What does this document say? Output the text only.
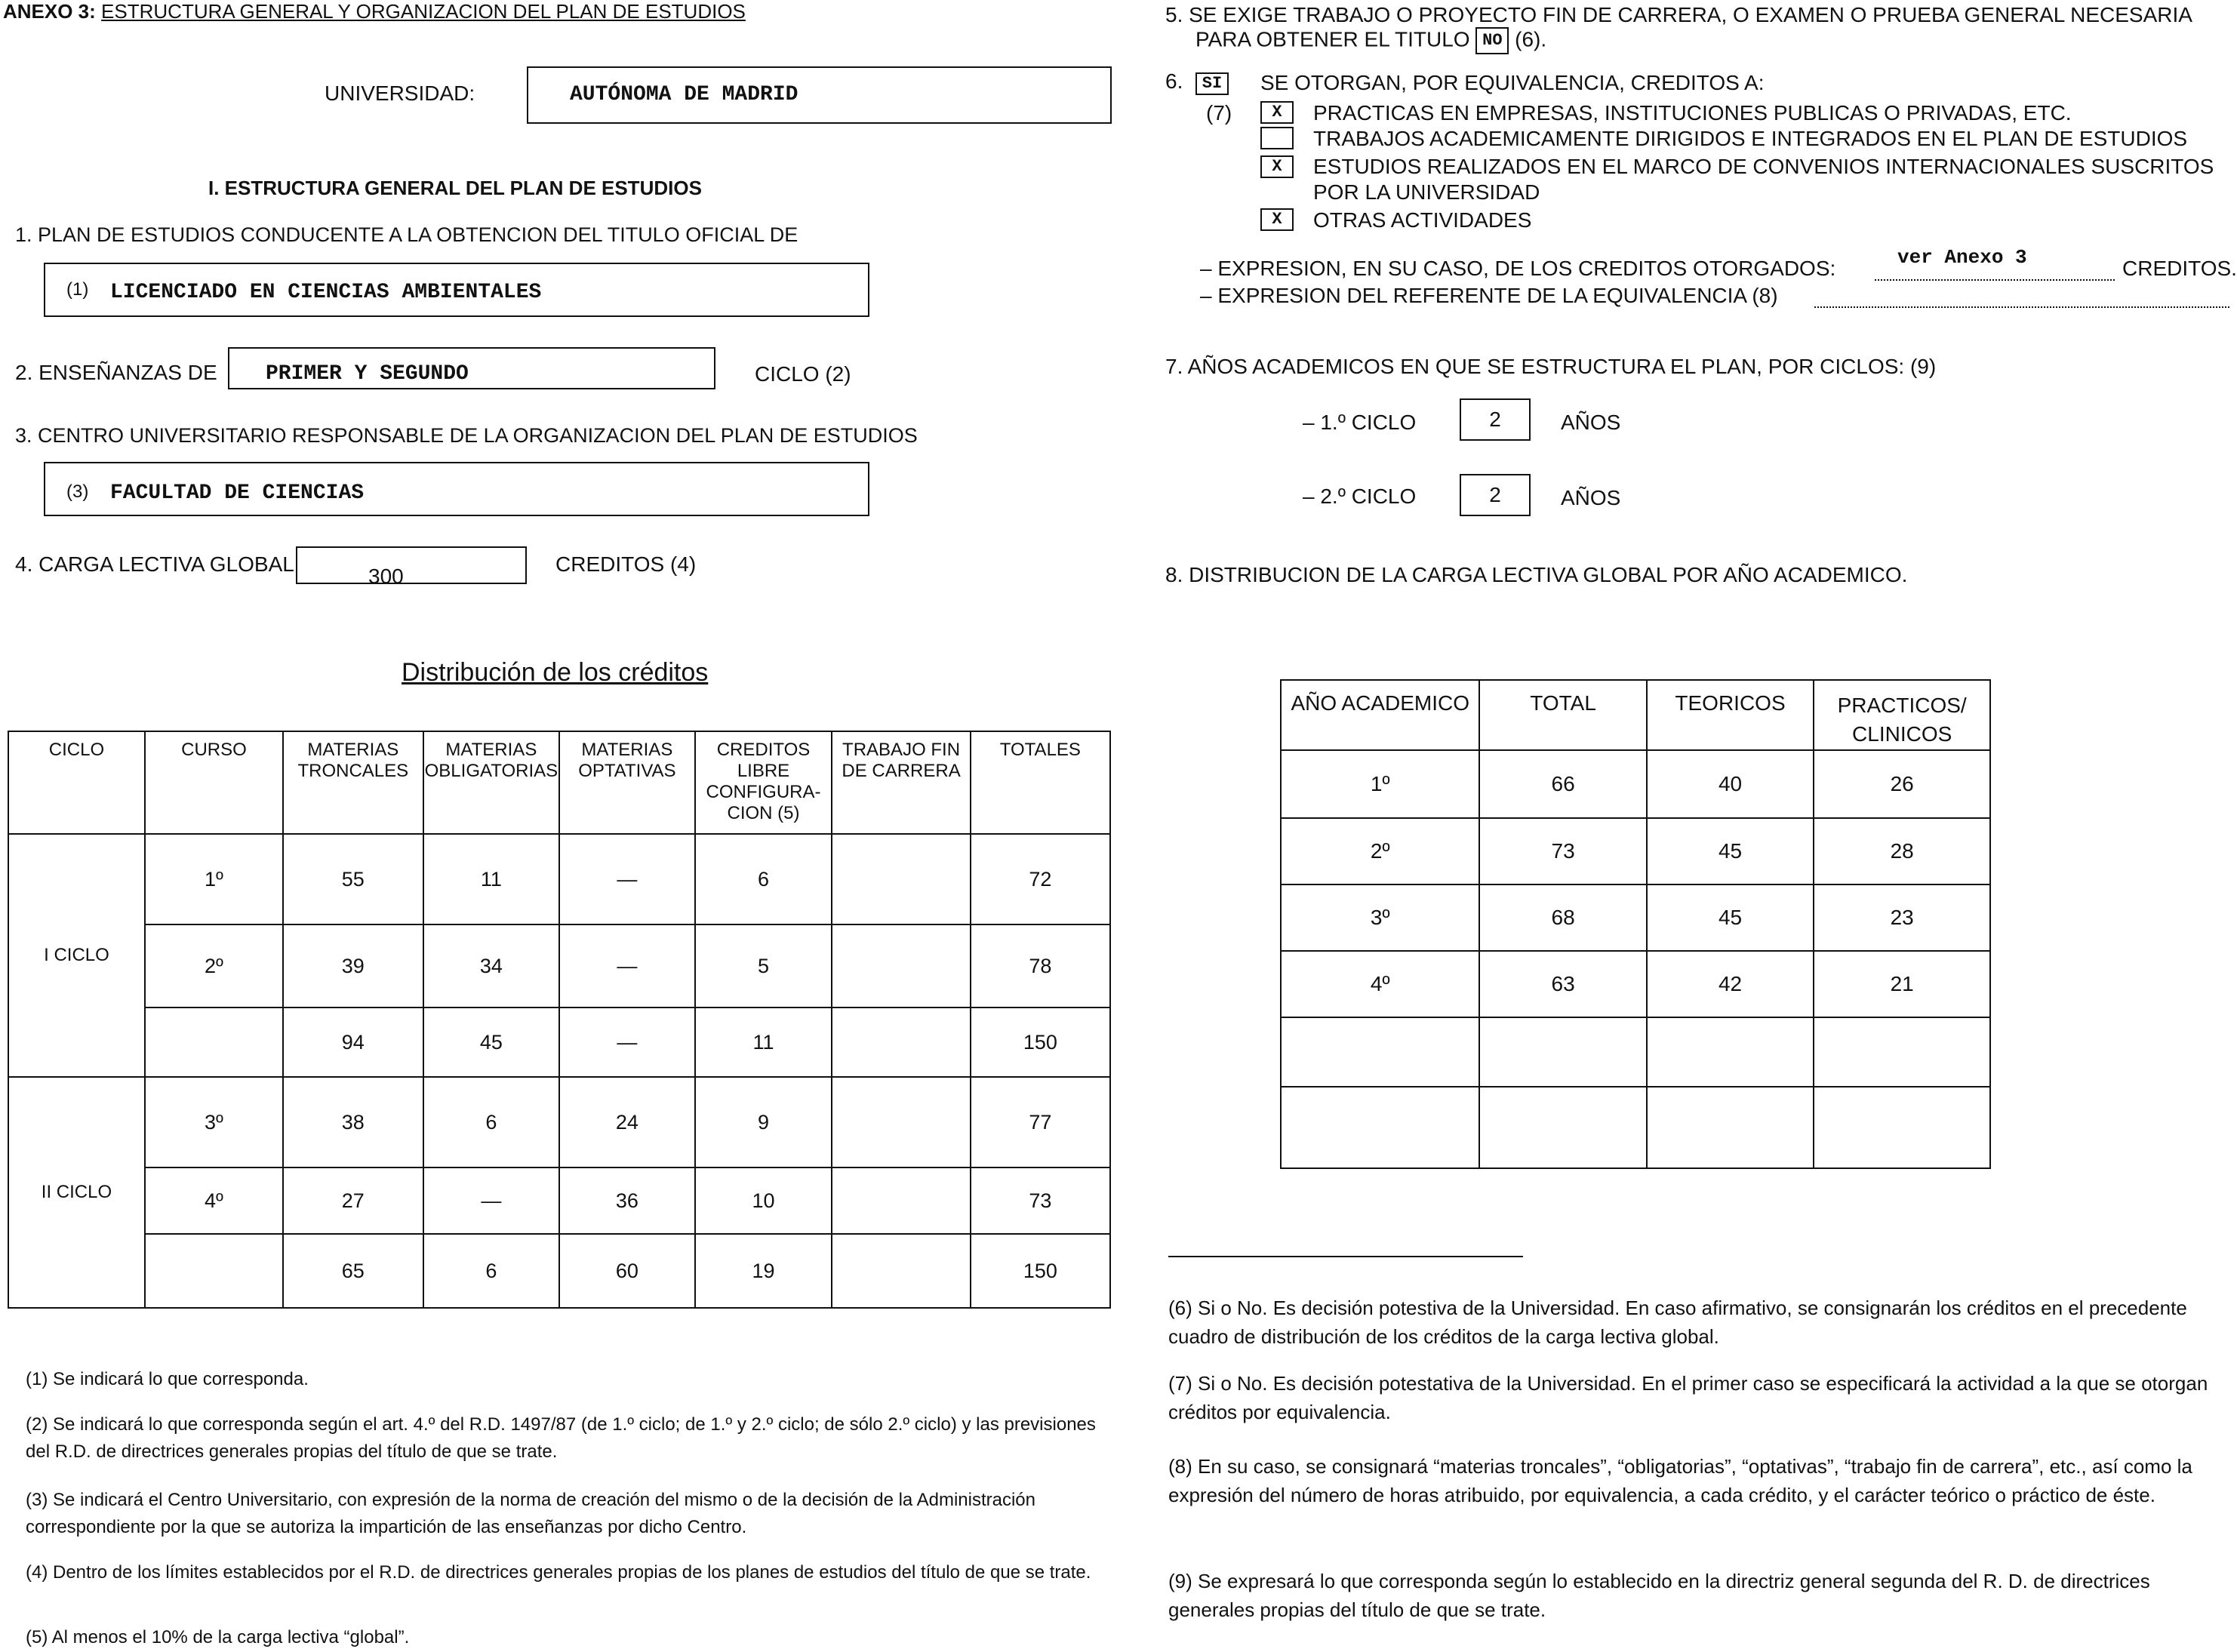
ANEXO 3: ESTRUCTURA GENERAL Y ORGANIZACION DEL PLAN DE ESTUDIOS
UNIVERSIDAD:	AUTÓNOMA DE MADRID
I. ESTRUCTURA GENERAL DEL PLAN DE ESTUDIOS
1. PLAN DE ESTUDIOS CONDUCENTE A LA OBTENCION DEL TITULO OFICIAL DE
(1) LICENCIADO EN CIENCIAS AMBIENTALES
2. ENSEÑANZAS DE PRIMER Y SEGUNDO	CICLO (2)
3. CENTRO UNIVERSITARIO RESPONSABLE DE LA ORGANIZACION DEL PLAN DE ESTUDIOS
(3) FACULTAD DE CIENCIAS
4. CARGA LECTIVA GLOBAL
300
CREDITOS (4)
Distribución de los créditos
CICLO	CURSO	MATERIAS TRONCALES	MATERIAS OBLIGATORIAS	MATERIAS OPTATIVAS	CREDITOS LIBRE CONFIGURA- CION (5)	TRABAJO FIN DE CARRERA	TOTALES
I CICLO	1º	55	11	—	6		72
	2º	39	34	—	5		78
		94	45	—	11		150
II CICLO	3º	38	6	24	9		77
	4º	27	—	36	10		73
		65	6	60	19		150
(1) Se indicará lo que corresponda.
(2) Se indicará lo que corresponda según el art. 4.º del R.D. 1497/87 (de 1.º ciclo; de 1.º y 2.º ciclo; de sólo 2.º ciclo) y las previsiones del R.D. de directrices generales propias del título de que se trate.
(3) Se indicará el Centro Universitario, con expresión de la norma de creación del mismo o de la decisión de la Administración correspondiente por la que se autoriza la impartición de las enseñanzas por dicho Centro.
(4) Dentro de los límites establecidos por el R.D. de directrices generales propias de los planes de estudios del título de que se trate.
(5) Al menos el 10% de la carga lectiva “global”.
5. SE EXIGE TRABAJO O PROYECTO FIN DE CARRERA, O EXAMEN O PRUEBA GENERAL NECESARIA
PARA OBTENER EL TITULO NO (6).
6.	SI
(7)
SE OTORGAN, POR EQUIVALENCIA, CREDITOS A:
X	PRACTICAS EN EMPRESAS, INSTITUCIONES PUBLICAS O PRIVADAS, ETC.
TRABAJOS ACADEMICAMENTE DIRIGIDOS E INTEGRADOS EN EL PLAN DE ESTUDIOS
X	ESTUDIOS REALIZADOS EN EL MARCO DE CONVENIOS INTERNACIONALES SUSCRITOS POR LA UNIVERSIDAD
X	OTRAS ACTIVIDADES
– EXPRESION, EN SU CASO, DE LOS CREDITOS OTORGADOS:	ver Anexo 3	CREDITOS.
– EXPRESION DEL REFERENTE DE LA EQUIVALENCIA (8)
7. AÑOS ACADEMICOS EN QUE SE ESTRUCTURA EL PLAN, POR CICLOS: (9)
– 1.º CICLO	2	AÑOS
– 2.º CICLO	2	AÑOS
8. DISTRIBUCION DE LA CARGA LECTIVA GLOBAL POR AÑO ACADEMICO.
AÑO ACADEMICO	TOTAL	TEORICOS	PRACTICOS/ CLINICOS
1º	66	40	26
2º	73	45	28
3º	68	45	23
4º	63	42	21

(6) Si o No. Es decisión potestiva de la Universidad. En caso afirmativo, se consignarán los créditos en el precedente cuadro de distribución de los créditos de la carga lectiva global.
(7) Si o No. Es decisión potestativa de la Universidad. En el primer caso se especificará la actividad a la que se otorgan créditos por equivalencia.
(8) En su caso, se consignará “materias troncales”, “obligatorias”, “optativas”, “trabajo fin de carrera”, etc., así como la expresión del número de horas atribuido, por equivalencia, a cada crédito, y el carácter teórico o práctico de éste.
(9) Se expresará lo que corresponda según lo establecido en la directriz general segunda del R. D. de directrices generales propias del título de que se trate.
